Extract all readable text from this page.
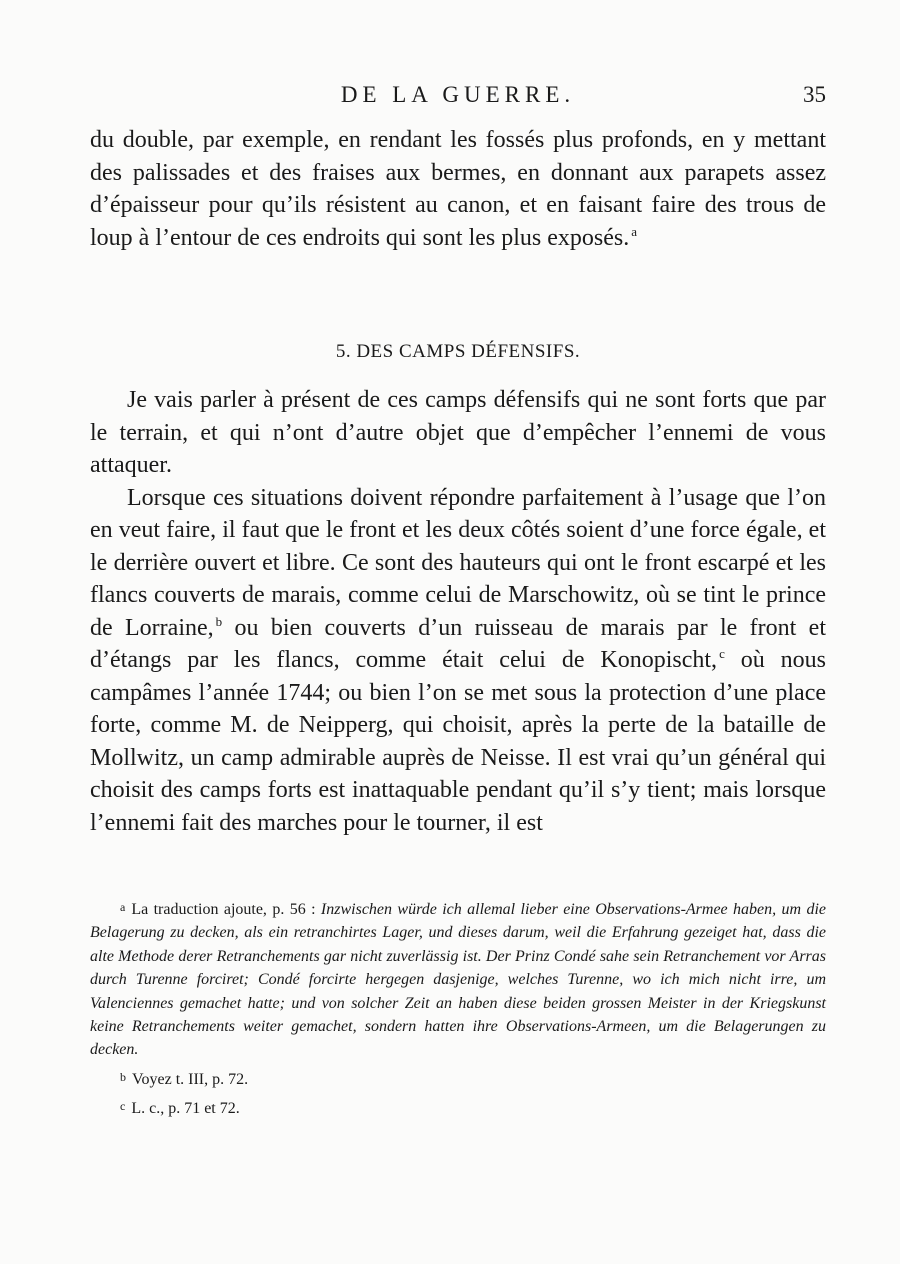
DE LA GUERRE.	35

du double, par exemple, en rendant les fossés plus profonds, en y mettant des palissades et des fraises aux bermes, en donnant aux parapets assez d’épaisseur pour qu’ils résistent au canon, et en faisant faire des trous de loup à l’entour de ces endroits qui sont les plus exposés. $^a$

5. DES CAMPS DÉFENSIFS.

Je vais parler à présent de ces camps défensifs qui ne sont forts que par le terrain, et qui n’ont d’autre objet que d’empêcher l’ennemi de vous attaquer.

Lorsque ces situations doivent répondre parfaitement à l’usage que l’on en veut faire, il faut que le front et les deux côtés soient d’une force égale, et le derrière ouvert et libre. Ce sont des hauteurs qui ont le front escarpé et les flancs couverts de marais, comme celui de Marschowitz, où se tint le prince de Lorraine, $^b$ ou bien couverts d’un ruisseau de marais par le front et d’étangs par les flancs, comme était celui de Konopischt, $^c$ où nous campâmes l’année 1744; ou bien l’on se met sous la protection d’une place forte, comme M. de Neipperg, qui choisit, après la perte de la bataille de Mollwitz, un camp admirable auprès de Neisse. Il est vrai qu’un général qui choisit des camps forts est inattaquable pendant qu’il s’y tient; mais lorsque l’ennemi fait des marches pour le tourner, il est

a La traduction ajoute, p. 56 : Inzwischen würde ich allemal lieber eine Observations-Armee haben, um die Belagerung zu decken, als ein retranchirtes Lager, und dieses darum, weil die Erfahrung gezeiget hat, dass die alte Methode derer Retranchements gar nicht zuverlässig ist. Der Prinz Condé sahe sein Retranchement vor Arras durch Turenne forciret; Condé forcirte hergegen dasjenige, welches Turenne, wo ich mich nicht irre, um Valenciennes gemachet hatte; und von solcher Zeit an haben diese beiden grossen Meister in der Kriegskunst keine Retranchements weiter gemachet, sondern hatten ihre Observations-Armeen, um die Belagerungen zu decken.

b Voyez t. III, p. 72.

c L. c., p. 71 et 72.
